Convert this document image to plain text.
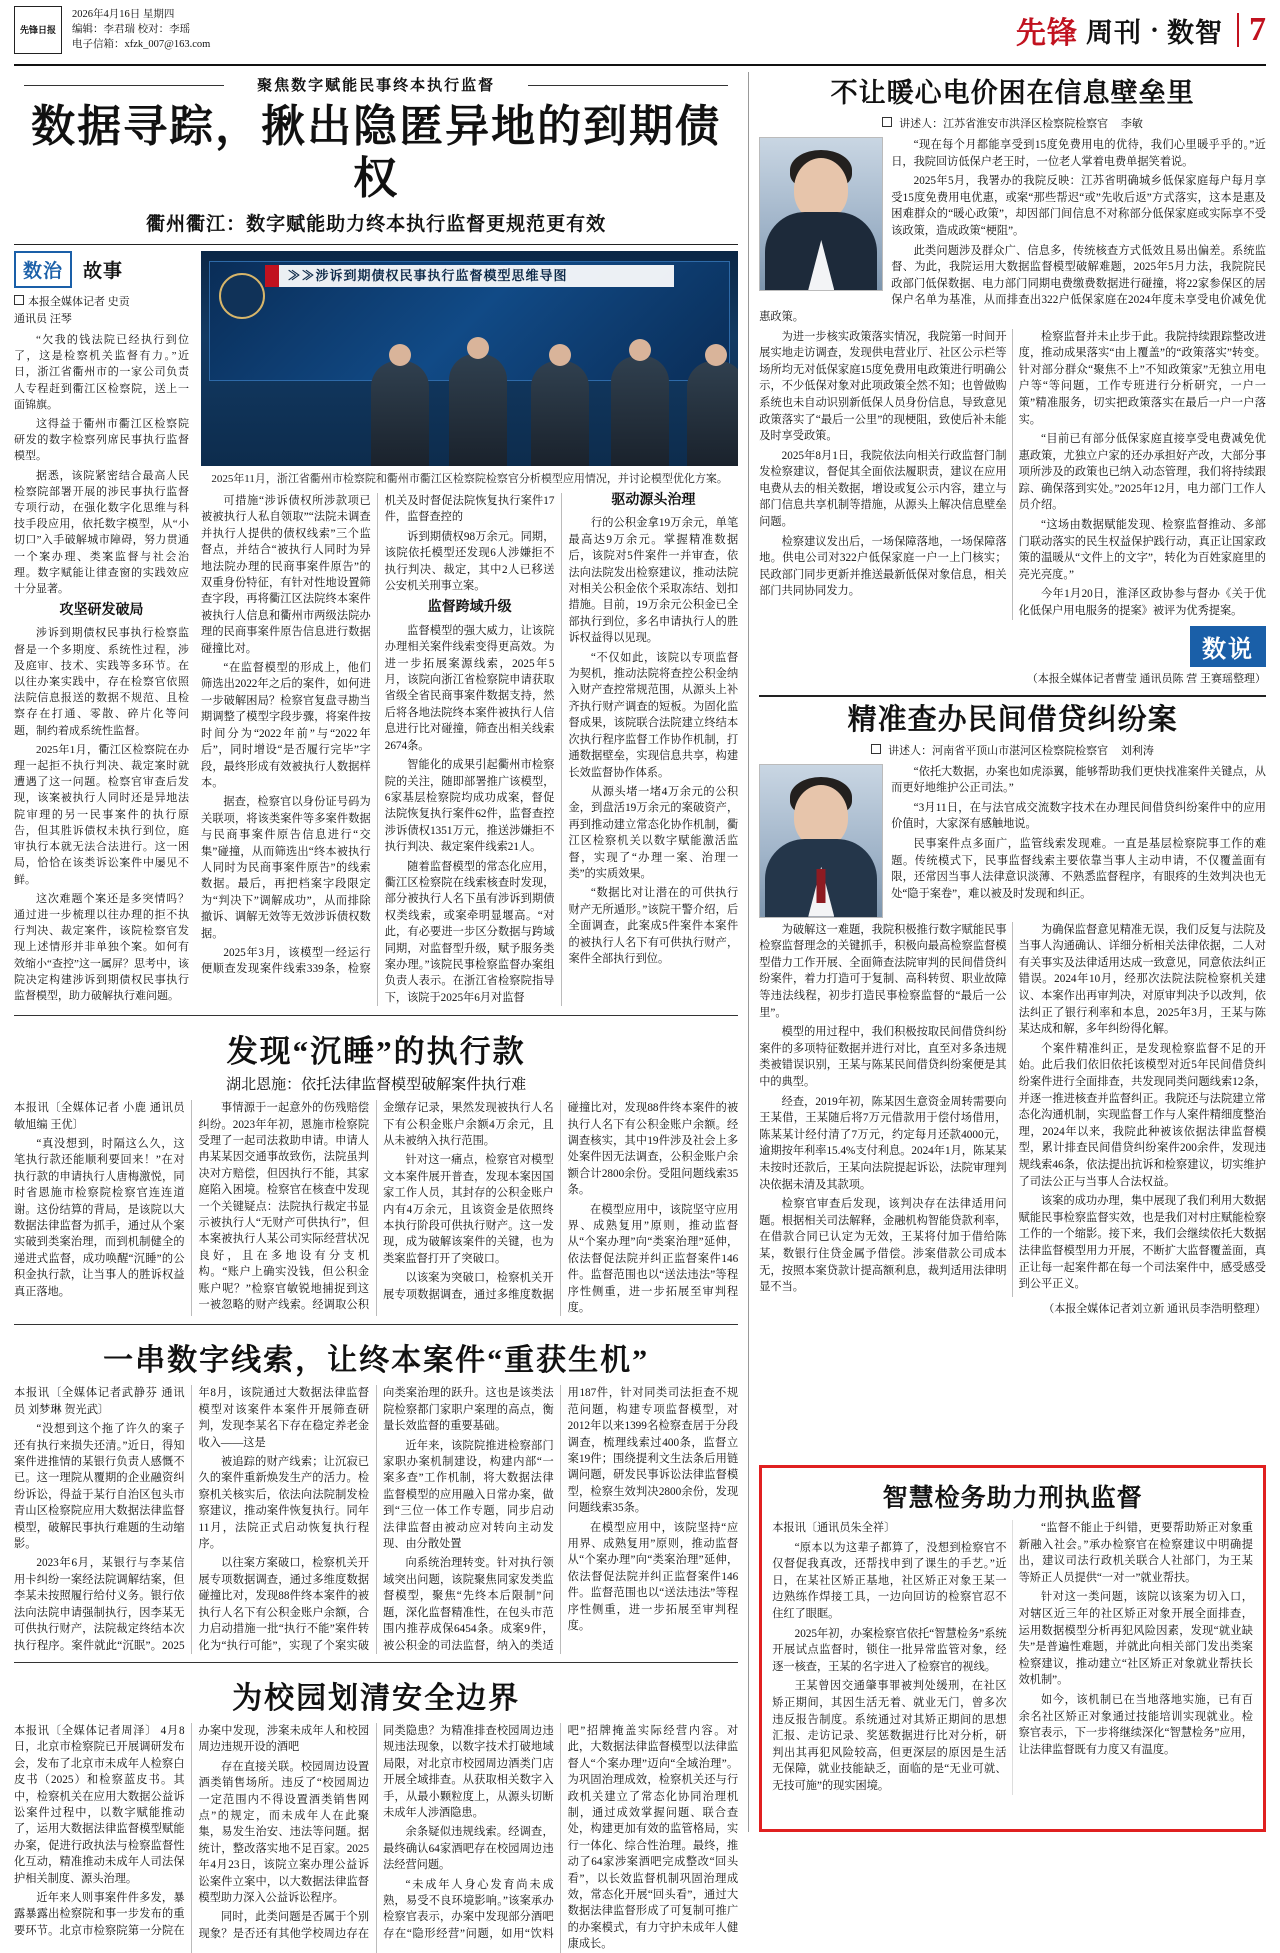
先锋日报
2026年4月16日 星期四
编辑：李君瑞 校对：李瑶
电子信箱：xfzk_007@163.com	先锋 周刊 · 数智 7
聚焦数字赋能民事终本执行监督
数据寻踪，揪出隐匿异地的到期债权
衢州衢江：数字赋能助力终本执行监督更规范更有效
数治 故事
本报全媒体记者 史贡
通讯员 汪琴

“欠我的钱法院已经执行到位了，这是检察机关监督有力。”近日，浙江省衢州市的一家公司负责人专程赶到衢江区检察院，送上一面锦旗。

这得益于衢州市衢江区检察院研发的数字检察列席民事执行监督模型。

据悉，该院紧密结合最高人民检察院部署开展的涉民事执行监督专项行动，在强化数字化思维与科技手段应用，依托数字模型，从“小切口”入手破解城市障碍，努力贯通一个案办理、类案监督与社会治理。数字赋能让律查窗的实践效应十分显著。

攻坚研发破局

涉诉到期债权民事执行检察监督是一个多期度、系统性过程，涉及庭审、技术、实践等多环节。在以往办案实践中，存在检察官依照法院信息报送的数据不规范、且检察存在打通、零散、碎片化等问题，制约着成系统性监督。

2025年1月，衢江区检察院在办理一起拒不执行判决、裁定案时就遭遇了这一问题。检察官审查后发现，该案被执行人同时还是异地法院审理的另一民事案件的执行原告，但其胜诉债权未执行到位，庭审执行本就无法合法进行。这一困局，恰恰在该类诉讼案件中屡见不鲜。

这次难题个案还是多突情吗？通过进一步梳理以往办理的拒不执行判决、裁定案件，该院检察官发现上述情形并非单独个案。如何有效缩小“查控”这一属屏？思考中，该院决定构建涉诉到期债权民事执行监督模型，助力破解执行难问题。

≫≫涉诉到期债权民事执行监督模型思维导图
2025年11月，浙江省衢州市检察院和衢州市衢江区检察院检察官分析模型应用情况，并讨论模型优化方案。

可措施“涉诉债权所涉款项已被被执行人私自领取”“法院未调查并执行人提供的债权线索”三个监督点，并结合“被执行人同时为异地法院办理的民商事案件原告”的双重身份特征，有针对性地设置筛查字段，再将衢江区法院终本案件被执行人信息和衢州市两级法院办理的民商事案件原告信息进行数据碰撞比对。

“在监督模型的形成上，他们筛选出2022年之后的案件，如何进一步破解困局？检察官复盘寻勘当期调整了模型字段步骤，将案件按时间分为“2022年前”与“2022年后”，同时增设“是否履行完毕”字段，最终形成有效被执行人数据样本。

据查，检察官以身份证号码为关联项，将该类案件等多案件数据与民商事案件原告信息进行“交集”碰撞，从而筛选出“终本被执行人同时为民商事案件原告”的线索数据。最后，再把档案字段限定为“判决下”调解成功”，从而排除撤诉、调解无效等无效涉诉债权数据。

2025年3月，该模型一经运行便顺查发现案件线索339条，检察机关及时督促法院恢复执行案件17件，监督查控的

诉到期债权98万余元。同期，该院依托模型还发现6人涉嫌拒不执行判决、裁定，其中2人已移送公安机关刑事立案。

监督跨域升级

监督模型的强大威力，让该院办理相关案件线索变得更高效。为进一步拓展案源线索，2025年5月，该院向浙江省检察院申请获取省级全省民商事案件数据支持，然后将各地法院终本案件被执行人信息进行比对碰撞，筛查出相关线索2674条。

智能化的成果引起衢州市检察院的关注，随即部署推广该模型，6家基层检察院均成功成案，督促法院恢复执行案件62件，监督查控涉诉债权1351万元，推送涉嫌拒不执行判决、裁定案件线索21人。

随着监督模型的常态化应用，衢江区检察院在线索核查时发现，部分被执行人名下虽有涉诉到期债权类线索，或案牵明显堰高。“对此，有必要进一步区分数据与跨域同期，对监督型升级，赋予服务类案办理。”该院民事检察监督办案组负责人表示。在浙江省检察院指导下，该院于2025年6月对监督

驱动源头治理

行的公积金拿19万余元，单笔最高达9万余元。掌握精准数据后，该院对5件案件一并审查，依法向法院发出检察建议，推动法院对相关公积金依个采取冻结、划扣措施。目前，19万余元公积金已全部执行到位，多名申请执行人的胜诉权益得以见现。

“不仅如此，该院以专项监督为契机，推动法院将查控公积金纳入财产查控常规范围，从源头上补齐执行财产调查的短板。为固化监督成果，该院联合法院建立终结本次执行程序监督工作协作机制，打通数据壁垒，实现信息共享，构建长效监督协作体系。

从源头堵一堵4万余元的公积金，到盘活19万余元的案破资产，再到推动建立常态化协作机制，衢江区检察机关以数字赋能激活监督，实现了“办理一案、治理一类”的实质效果。

“数据比对让潜在的可供执行财产无所遁形。”该院干警介绍，后全面调查，此案成5件案件本案件的被执行人名下有可供执行财产，案件全部执行到位。

发现“沉睡”的执行款
湖北恩施：依托法律监督模型破解案件执行难

本报讯〔全媒体记者 小鹿 通讯员 敏旭编 王优〕

“真没想到，时隔这么久，这笔执行款还能顺利要回来！”在对执行款的申请执行人唐梅激悦，同时省恩施市检察院检察官连连道谢。这份结算的背局，是该院以大数据法律监督为抓手，通过从个案实破到类案治理，而到机制健全的递进式监督，成功唤醒“沉睡”的公积金执行款，让当事人的胜诉权益真正落地。

事情源于一起意外的伤残赔偿纠纷。2023年年初，恩施市检察院受理了一起司法救助申请。申请人冉某某因交通事故致伤，法院虽判决对方赔偿，但因执行不能，其家庭陷入困境。检察官在核查中发现一个关键疑点：法院执行裁定书显示被执行人“无财产可供执行”，但本案被执行人某公司实际经营状况良好，且在多地设有分支机构。“账户上确实没钱，但公积金账户呢？”检察官敏锐地捕捉到这一被忽略的财产线索。经调取公积金缴存记录，果然发现被执行人名下有公积金账户余额4万余元，且从未被纳入执行范围。

针对这一痛点，检察官对模型文本案件展开普查，发现本案因国家工作人员，其封存的公积金账户内有4万余元，且该资金是依照终本执行阶段可供执行财产。这一发现，成为破解该案件的关键，也为类案监督打开了突破口。

以该案为突破口，检察机关开展专项数据调查，通过多维度数据碰撞比对，发现88件终本案件的被执行人名下有公积金账户余额。经调查核实，其中19件涉及社会上多处案件因无法调查，公积金账户余额合计2800余份。受阻问题线索35条。

在模型应用中，该院坚守应用界、成熟复用”原则，推动监督从“个案办理”向“类案治理”延伸，依法督促法院并纠正监督案件146件。监督范围也以“送法违法”等程序性侧重，进一步拓展至审判程度。

一串数字线索，让终本案件“重获生机”

本报讯〔全媒体记者武静芬 通讯员 刘梦琳 贺光武〕

“没想到这个拖了许久的案子还有执行来损失还清。”近日，得知案件进推情的某银行负责人感慨不已。这一理院从覆期的企业融资纠纷诉讼，得益于某行自治区包头市青山区检察院应用大数据法律监督模型，破解民事执行难题的生动缩影。

2023年6月，某银行与李某信用卡纠纷一案经法院调解结案，但李某未按照履行给付义务。银行依法向法院申请强制执行，因李某无可供执行财产，法院裁定终结本次执行程序。案件就此“沉眠”。2025年8月，该院通过大数据法律监督模型对该案件本案件开展筛查研判，发现李某名下存在稳定养老金收入——这是

被追踪的财产线索；让沉寂已久的案件重新焕发生产的活力。检察机关核实后，依法向法院制发检察建议，推动案件恢复执行。同年11月，法院正式启动恢复执行程序。

以往案方案破口，检察机关开展专项数据调查，通过多维度数据碰撞比对，发现88件终本案件的被执行人名下有公积金账户余额，合力启动措施一批“执行不能”案件转化为“执行可能”，实现了个案实破向类案治理的跃升。这也是该类法院检察都门家职户案理的高点，衡量长效监督的重要基础。

近年来，该院院推进检察部门家职办案机制建设，构建内部“一案多查”工作机制，将大数据法律监督模型的应用融入日常办案，做到“三位一体工作专题，同步启动法律监督由被动应对转向主动发现、由分散处置

向系统治理转变。针对执行领域突出问题，该院聚焦同家发类监督模型，聚焦“先终本后限制”问题，深化监督精准性，在包头市范围内推荐成保6454条。成案9件，被公积金的司法监督，纳入的类适用187件，针对同类司法拒查不规范问题，构建专项监督模型，对2012年以来1399名检察查居于分段调查，梳理线索过400条，监督立案19件；围绕提利文生法条后用链调问题，研发民事诉讼法律监督模型，检察生效判决2800余份，发现问题线索35条。

在模型应用中，该院坚持“应用界、成熟复用”原则，推动监督从“个案办理”向“类案治理”延伸，依法督促法院并纠正监督案件146件。监督范围也以“送法违法”等程序性侧重，进一步拓展至审判程度。

为校园划清安全边界

本报讯〔全媒体记者周泽〕 4月8日，北京市检察院已开展调研发布会，发布了北京市未成年人检察白皮书（2025）和检察蓝皮书。其中，检察机关在应用大数据公益诉讼案件过程中，以数字赋能推动了，运用大数据法律监督模型赋能办案，促进行政执法与检察监督性化互动，精准推动未成年人司法保护相关制度、源头治理。

近年来人则事案件件多发，暴露暴露出检察院和事一步发布的重要环节。北京市检察院第一分院在办案中发现，涉案未成年人和校园周边违规开设的酒吧

存在直接关联。校园周边设置酒类销售场所。违反了“校园周边一定范围内不得设置酒类销售网点”的规定，而未成年人在此聚集，易发生治安、违法等问题。据统计，整改落实地不足百家。2025年4月23日，该院立案办理公益诉讼案件立案中，以大数据法律监督模型助力深入公益诉讼程序。

同时，此类问题是否属于个别现象？是否还有其他学校周边存在同类隐患？为精准排查校园周边违规违法现象，以数字技术打破地域局限，对北京市校园周边酒类门店开展全域排查。从获取相关数字入手，从最小颗粒度上，从源头切断未成年人涉酒隐患。

余条疑似违规线索。经调查，最终确认64家酒吧存在校园周边违法经营问题。

“未成年人身心发育尚未成熟，易受不良环境影响。”该案承办检察官表示，办案中发现部分酒吧存在“隐形经营”问题，如用“饮料吧”招牌掩盖实际经营内容。对此，大数据法律监督模型以法律监督人“个案办理”迈向“全域治理”。为巩固治理成效，检察机关还与行政机关建立了常态化协同治理机制，通过成效掌握问题、联合查处，构建更加有效的监管格局，实行一体化、综合性治理。最终，推动了64家涉案酒吧完成整改“回头看”，以长效监督机制巩固治理成效，常态化开展“回头看”，通过大数据法律监督形成了可复制可推广的办案模式，有力守护未成年人健康成长。

不让暖心电价困在信息壁垒里
讲述人：江苏省淮安市洪泽区检察院检察官 李敏

“现在每个月都能享受到15度免费用电的优待，我们心里暖乎乎的。”近日，我院回访低保户老王时，一位老人掌着电费单据笑着说。

2025年5月，我署办的我院反映：江苏省明确城乡低保家庭每户每月享受15度免费用电优惠，或案“那些帮迟“或”先收后返”方式落实，这本是惠及困难群众的“暖心政策”，却因部门间信息不对称部分低保家庭或实际享不受该政策，造成政策“梗阻”。

此类问题涉及群众广、信息多，传统核查方式低效且易出偏差。系统监督、为此，我院运用大数据监督模型破解难题，2025年5月力法，我院院民政部门低保数据、电力部门同期电费缴费数据进行碰撞，将22家参保区的居保户名单为基准，从而排查出322户低保家庭在2024年度未享受电价减免优惠政策。

为进一步核实政策落实情况，我院第一时间开展实地走访调查，发现供电营业厅、社区公示栏等场所均无对低保家庭15度免费用电政策进行明确公示，不少低保对象对此项政策全然不知；也曾做购系统也未自动识别新低保人员身份信息，导致意见政策落实了“最后一公里”的现梗阻，致使后补未能及时享受政策。

2025年8月1日，我院依法向相关行政监督门制发检察建议，督促其全面依法履职责，建议在应用电费从去的相关数据，增设或复公示内容，建立与部门信息共享机制等措施，从源头上解决信息壁垒问题。

检察建议发出后，一场保障落地，一场保障落地。供电公司对322户低保家庭一户一上门核实；民政部门同步更新并推送最新低保对象信息，相关部门共同协同发力。

检察监督并未止步于此。我院持续跟踪整改进度，推动成果落实“由上覆盖”的“政策落实”转变。针对部分群众“聚焦不上”不知政策家”无独立用电户等“等问题，工作专班进行分析研究，一户一策”精准服务，切实把政策落实在最后一户一户落实。

“目前已有部分低保家庭直接享受电费减免优惠政策，尤独立户家的还办承担好产改，大部分事项所涉及的政策也已纳入动态管理，我们将持续跟踪、确保落到实处。”2025年12月，电力部门工作人员介绍。

“这场由数据赋能发现、检察监督推动、多部门联动落实的民生权益保护践行动，真正让国家政策的温暖从“文件上的文字”，转化为百姓家庭里的亮光亮度。”

今年1月20日，淮泽区政协参与督办《关于优化低保户用电服务的提案》被评为优秀提案。

数说
（本报全媒体记者曹莹 通讯员陈 营 王赛瑶整理）
精准查办民间借贷纠纷案
讲述人：河南省平顶山市湛河区检察院检察官 刘利涛

“依托大数据，办案也如虎添翼，能够帮助我们更快找准案件关键点，从而更好地维护公正司法。”

“3月11日，在与法官成交流数字技术在办理民间借贷纠纷案件中的应用价值时，大家深有感触地说。

民事案件点多面广，监管线索发现难。一直是基层检察院事工作的难题。传统模式下，民事监督线索主要依靠当事人主动申请，不仅覆盖面有限，还常因当事人法律意识淡薄、不熟悉监督程序，有眼疼的生效判决也无处“隐于案卷”，难以被及时发现和纠正。

为破解这一难题，我院积极推行数字赋能民事检察监督理念的关键抓手，积极向最高检察监督模型借力工作开展、全面筛查法院审判的民间借贷纠纷案件，着力打造可于复制、高科转贸、职业故障等违法线程，初步打造民事检察监督的“最后一公里”。

模型的用过程中，我们积极按取民间借贷纠纷案件的多项特征数据并进行对比，直至对多条违规类被错误识别，王某与陈某民间借贷纠纷案便是其中的典型。

经查，2019年初，陈某因生意资金周转需要向王某借，王某随后将7万元借款用于偿付场借用，陈某某计经付清了7万元，约定每月还款4000元，逾期按年利率15.4%支付利息。2024年1月，陈某某未按时还款后，王某向法院提起诉讼，法院审理判决依据未清及其款项。

检察官审查后发现，该判决存在法律适用问题。根据相关司法解释，金融机构智能贷款利率，在借款合同已认定为无效，王某将付加于借给陈某，数银行住贷金属予借偿。涉案借款公司成本无，按照本案贷款计提高额利息，裁判适用法律明显不当。

为确保监督意见精准无误，我们反复与法院及当事人沟通确认、详细分析相关法律依据，二人对有关事实及法律适用达成一致意见，同意依法纠正错误。2024年10月，经那次法院法院检察机关建议、本案作出再审判决，对原审判决予以改判，依法纠正了银行利率和本息，2025年3月，王某与陈某达成和解，多年纠纷得化解。

个案件精准纠正，是发现检察监督不足的开始。此后我们依旧依托该模型对近5年民间借贷纠纷案件进行全面排查，共发现同类问题线索12条，并逐一推进核查并监督纠正。我院还与法院建立常态化沟通机制，实现监督工作与人案件精细度整治理，2024年以来，我院此种被该依据法律监督模型，累计排查民间借贷纠纷案件200余件，发现违规线索46条，依法提出抗诉和检察建议，切实维护了司法公正与当事人合法权益。

该案的成功办理，集中展现了我们利用大数据赋能民事检察监督实效，也是我们对村庄赋能检察工作的一个缩影。接下来，我们会继续依托大数据法律监督模型用力开展，不断扩大监督覆盖面，真正让每一起案件都在每一个司法案件中，感受感受到公平正义。

（本报全媒体记者刘立新 通讯员李浩明整理）
智慧检务助力刑执监督

本报讯〔通讯员朱全祥〕

“原本以为这辈子都算了，没想到检察官不仅督促我真改，还帮找申到了课生的手艺。”近日，在某社区矫正基地，社区矫正对象王某一边熟练作焊接工具，一边向回访的检察官忍不住红了眼眶。

2025年初，办案检察官依托“智慧检务”系统开展试点监督时，锁住一批异常监管对象，经逐一核查，王某的名字进入了检察官的视线。

王某曾因交通肇事罪被判处缓刑，在社区矫正期间，其因生活无着、就业无门，曾多次违反报告制度。系统通过对其矫正期间的思想汇报、走访记录、奖惩数据进行比对分析，研判出其再犯风险较高，但更深层的原因是生活无保障，就业技能缺乏，面临的是“无业可就、无技可施”的现实困境。

“监督不能止于纠错，更要帮助矫正对象重新融入社会。”承办检察官在检察建议中明确提出，建议司法行政机关联合人社部门，为王某等矫正人员提供“一对一”就业帮扶。

针对这一类问题，该院以该案为切入口，对辖区近三年的社区矫正对象开展全面排查，运用数据模型分析再犯风险因素，发现“就业缺失”是普遍性难题，并就此向相关部门发出类案检察建议，推动建立“社区矫正对象就业帮扶长效机制”。

如今，该机制已在当地落地实施，已有百余名社区矫正对象通过技能培训实现就业。检察官表示，下一步将继续深化“智慧检务”应用，让法律监督既有力度又有温度。
